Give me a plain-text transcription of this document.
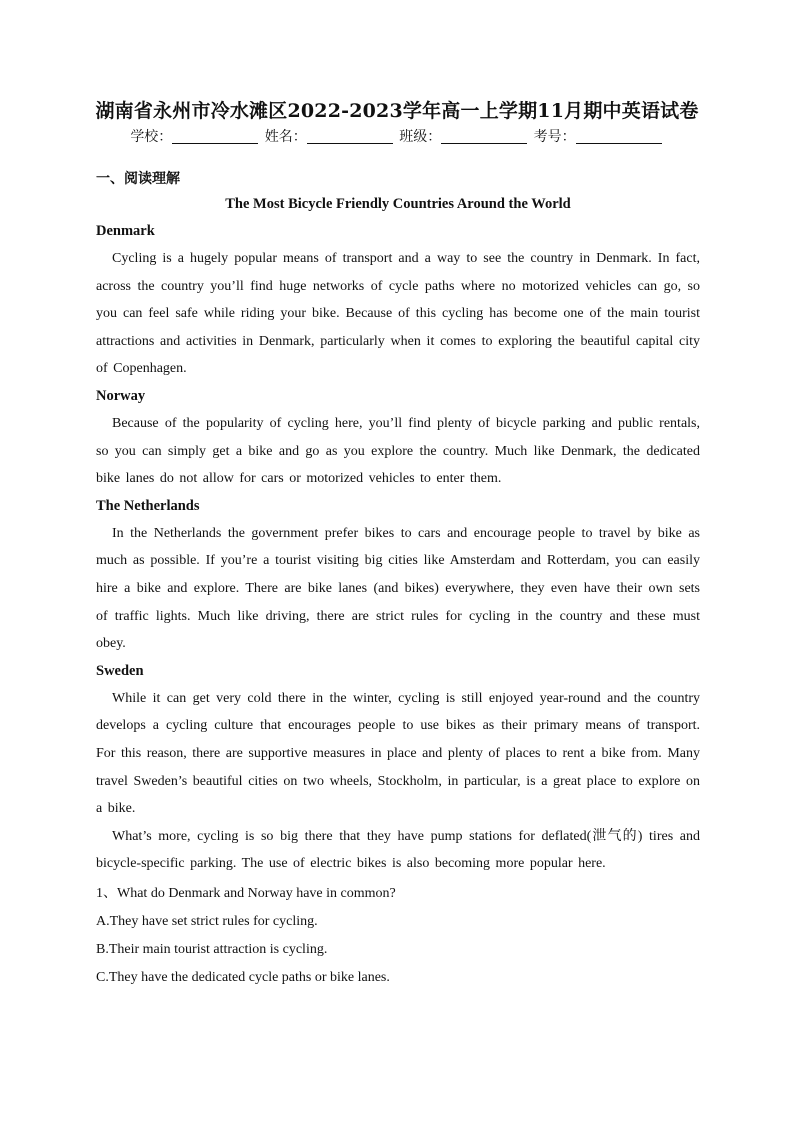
湖南省永州市冷水滩区2022-2023学年高一上学期11月期中英语试卷
学校：	姓名：	班级：	考号：
一、阅读理解
The Most Bicycle Friendly Countries Around the World
Denmark
Cycling is a hugely popular means of transport and a way to see the country in Denmark. In fact, across the country you’ll find huge networks of cycle paths where no motorized vehicles can go, so you can feel safe while riding your bike. Because of this cycling has become one of the main tourist attractions and activities in Denmark, particularly when it comes to exploring the beautiful capital city of Copenhagen.
Norway
Because of the popularity of cycling here, you’ll find plenty of bicycle parking and public rentals, so you can simply get a bike and go as you explore the country. Much like Denmark, the dedicated bike lanes do not allow for cars or motorized vehicles to enter them.
The Netherlands
In the Netherlands the government prefer bikes to cars and encourage people to travel by bike as much as possible. If you’re a tourist visiting big cities like Amsterdam and Rotterdam, you can easily hire a bike and explore. There are bike lanes (and bikes) everywhere, they even have their own sets of traffic lights. Much like driving, there are strict rules for cycling in the country and these must obey.
Sweden
While it can get very cold there in the winter, cycling is still enjoyed year-round and the country develops a cycling culture that encourages people to use bikes as their primary means of transport. For this reason, there are supportive measures in place and plenty of places to rent a bike from. Many travel Sweden’s beautiful cities on two wheels, Stockholm, in particular, is a great place to explore on a bike.
What’s more, cycling is so big there that they have pump stations for deflated(泄气的) tires and bicycle-specific parking. The use of electric bikes is also becoming more popular here.
1、What do Denmark and Norway have in common?
A.They have set strict rules for cycling.
B.Their main tourist attraction is cycling.
C.They have the dedicated cycle paths or bike lanes.
